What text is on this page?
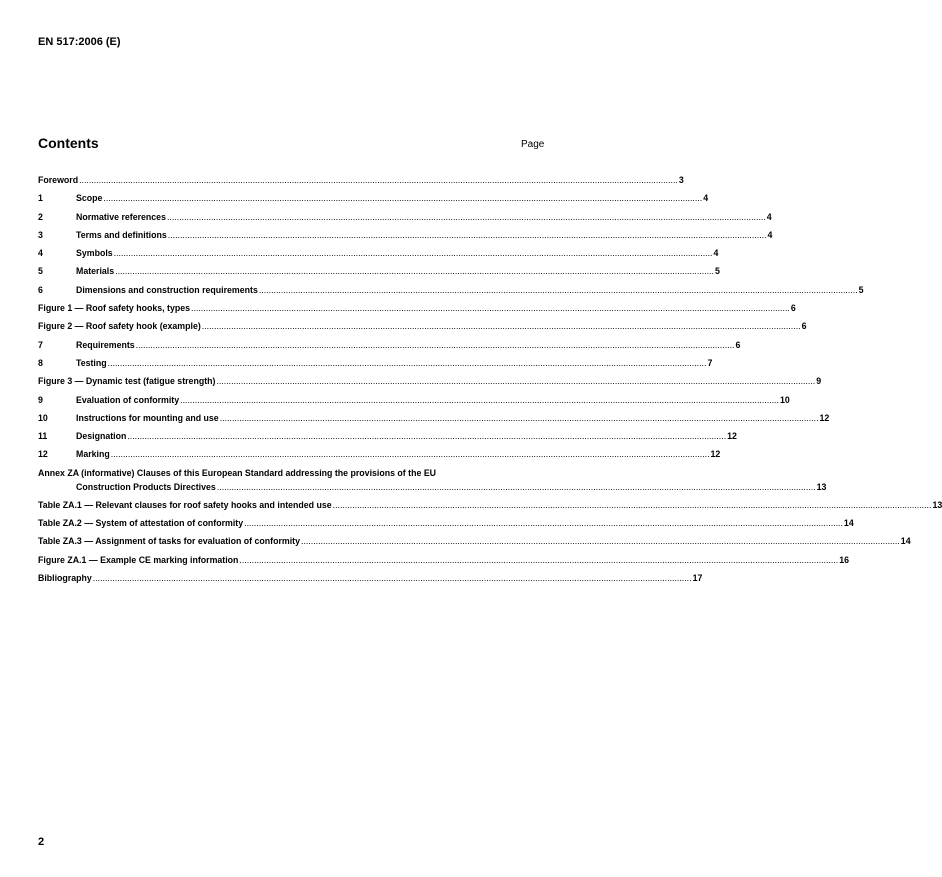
EN 517:2006 (E)
Contents	Page
Foreword .....	3
1	Scope .....	4
2	Normative references .....	4
3	Terms and definitions .....	4
4	Symbols .....	4
5	Materials .....	5
6	Dimensions and construction requirements .....	5
Figure 1 — Roof safety hooks, types .....	6
Figure 2 — Roof safety hook (example) .....	6
7	Requirements .....	6
8	Testing .....	7
Figure 3 — Dynamic test (fatigue strength) .....	9
9	Evaluation of conformity .....	10
10	Instructions for mounting and use .....	12
11	Designation .....	12
12	Marking .....	12
Annex ZA (informative) Clauses of this European Standard addressing the provisions of the EU
Construction Products Directives .....	13
Table ZA.1 — Relevant clauses for roof safety hooks and intended use .....	13
Table ZA.2 — System of attestation of conformity .....	14
Table ZA.3 — Assignment of tasks for evaluation of conformity .....	14
Figure ZA.1 — Example CE marking information .....	16
Bibliography .....	17
2
